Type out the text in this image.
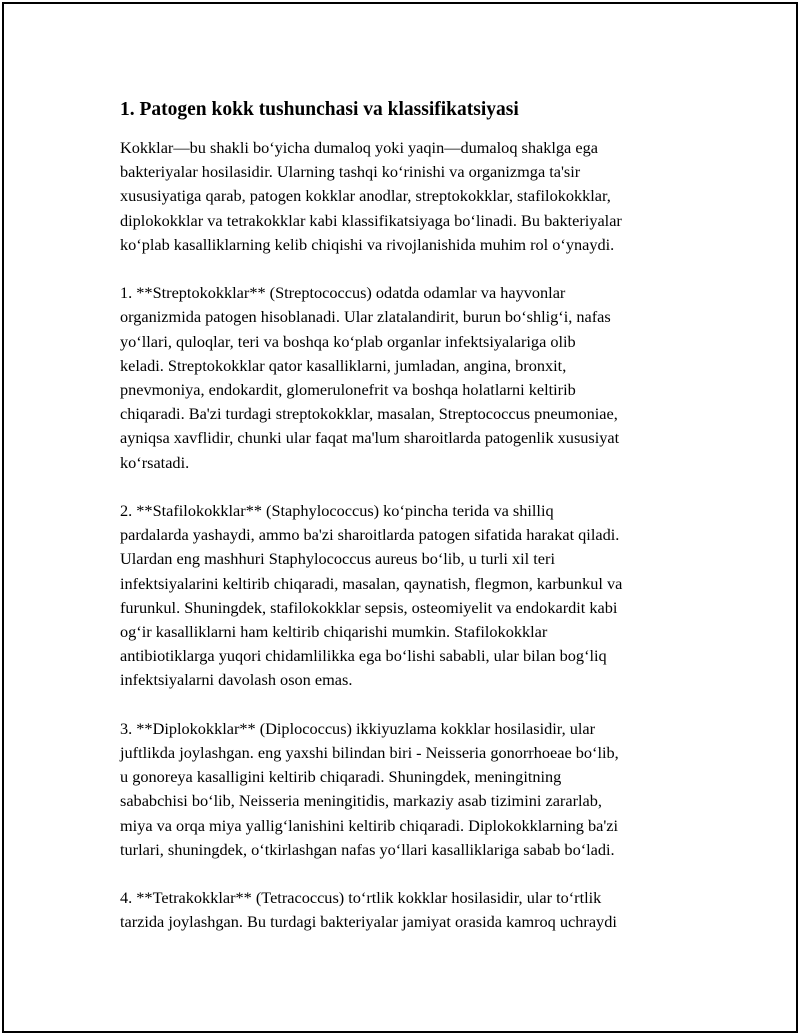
1. Patogen kokk tushunchasi va klassifikatsiyasi
Kokklar—bu shakli bo‘yicha dumaloq yoki yaqin—dumaloq shaklga ega
bakteriyalar hosilasidir. Ularning tashqi ko‘rinishi va organizmga ta'sir
xususiyatiga qarab, patogen kokklar anodlar, streptokokklar, stafilokokklar,
diplokokklar va tetrakokklar kabi klassifikatsiyaga bo‘linadi. Bu bakteriyalar
ko‘plab kasalliklarning kelib chiqishi va rivojlanishida muhim rol o‘ynaydi.
1. **Streptokokklar** (Streptococcus) odatda odamlar va hayvonlar
organizmida patogen hisoblanadi. Ular zlatalandirit, burun bo‘shlig‘i, nafas
yo‘llari, quloqlar, teri va boshqa ko‘plab organlar infektsiyalariga olib
keladi. Streptokokklar qator kasalliklarni, jumladan, angina, bronxit,
pnevmoniya, endokardit, glomerulonefrit va boshqa holatlarni keltirib
chiqaradi. Ba'zi turdagi streptokokklar, masalan, Streptococcus pneumoniae,
ayniqsa xavflidir, chunki ular faqat ma'lum sharoitlarda patogenlik xususiyat
ko‘rsatadi.
2. **Stafilokokklar** (Staphylococcus) ko‘pincha terida va shilliq
pardalarda yashaydi, ammo ba'zi sharoitlarda patogen sifatida harakat qiladi.
Ulardan eng mashhuri Staphylococcus aureus bo‘lib, u turli xil teri
infektsiyalarini keltirib chiqaradi, masalan, qaynatish, flegmon, karbunkul va
furunkul. Shuningdek, stafilokokklar sepsis, osteomiyelit va endokardit kabi
og‘ir kasalliklarni ham keltirib chiqarishi mumkin. Stafilokokklar
antibiotiklarga yuqori chidamlilikka ega bo‘lishi sababli, ular bilan bog‘liq
infektsiyalarni davolash oson emas.
3. **Diplokokklar** (Diplococcus) ikkiyuzlama kokklar hosilasidir, ular
juftlikda joylashgan. eng yaxshi bilindan biri - Neisseria gonorrhoeae bo‘lib,
u gonoreya kasalligini keltirib chiqaradi. Shuningdek, meningitning
sababchisi bo‘lib, Neisseria meningitidis, markaziy asab tizimini zararlab,
miya va orqa miya yallig‘lanishini keltirib chiqaradi. Diplokokklarning ba'zi
turlari, shuningdek, o‘tkirlashgan nafas yo‘llari kasalliklariga sabab bo‘ladi.
4. **Tetrakokklar** (Tetracoccus) to‘rtlik kokklar hosilasidir, ular to‘rtlik
tarzida joylashgan. Bu turdagi bakteriyalar jamiyat orasida kamroq uchraydi
